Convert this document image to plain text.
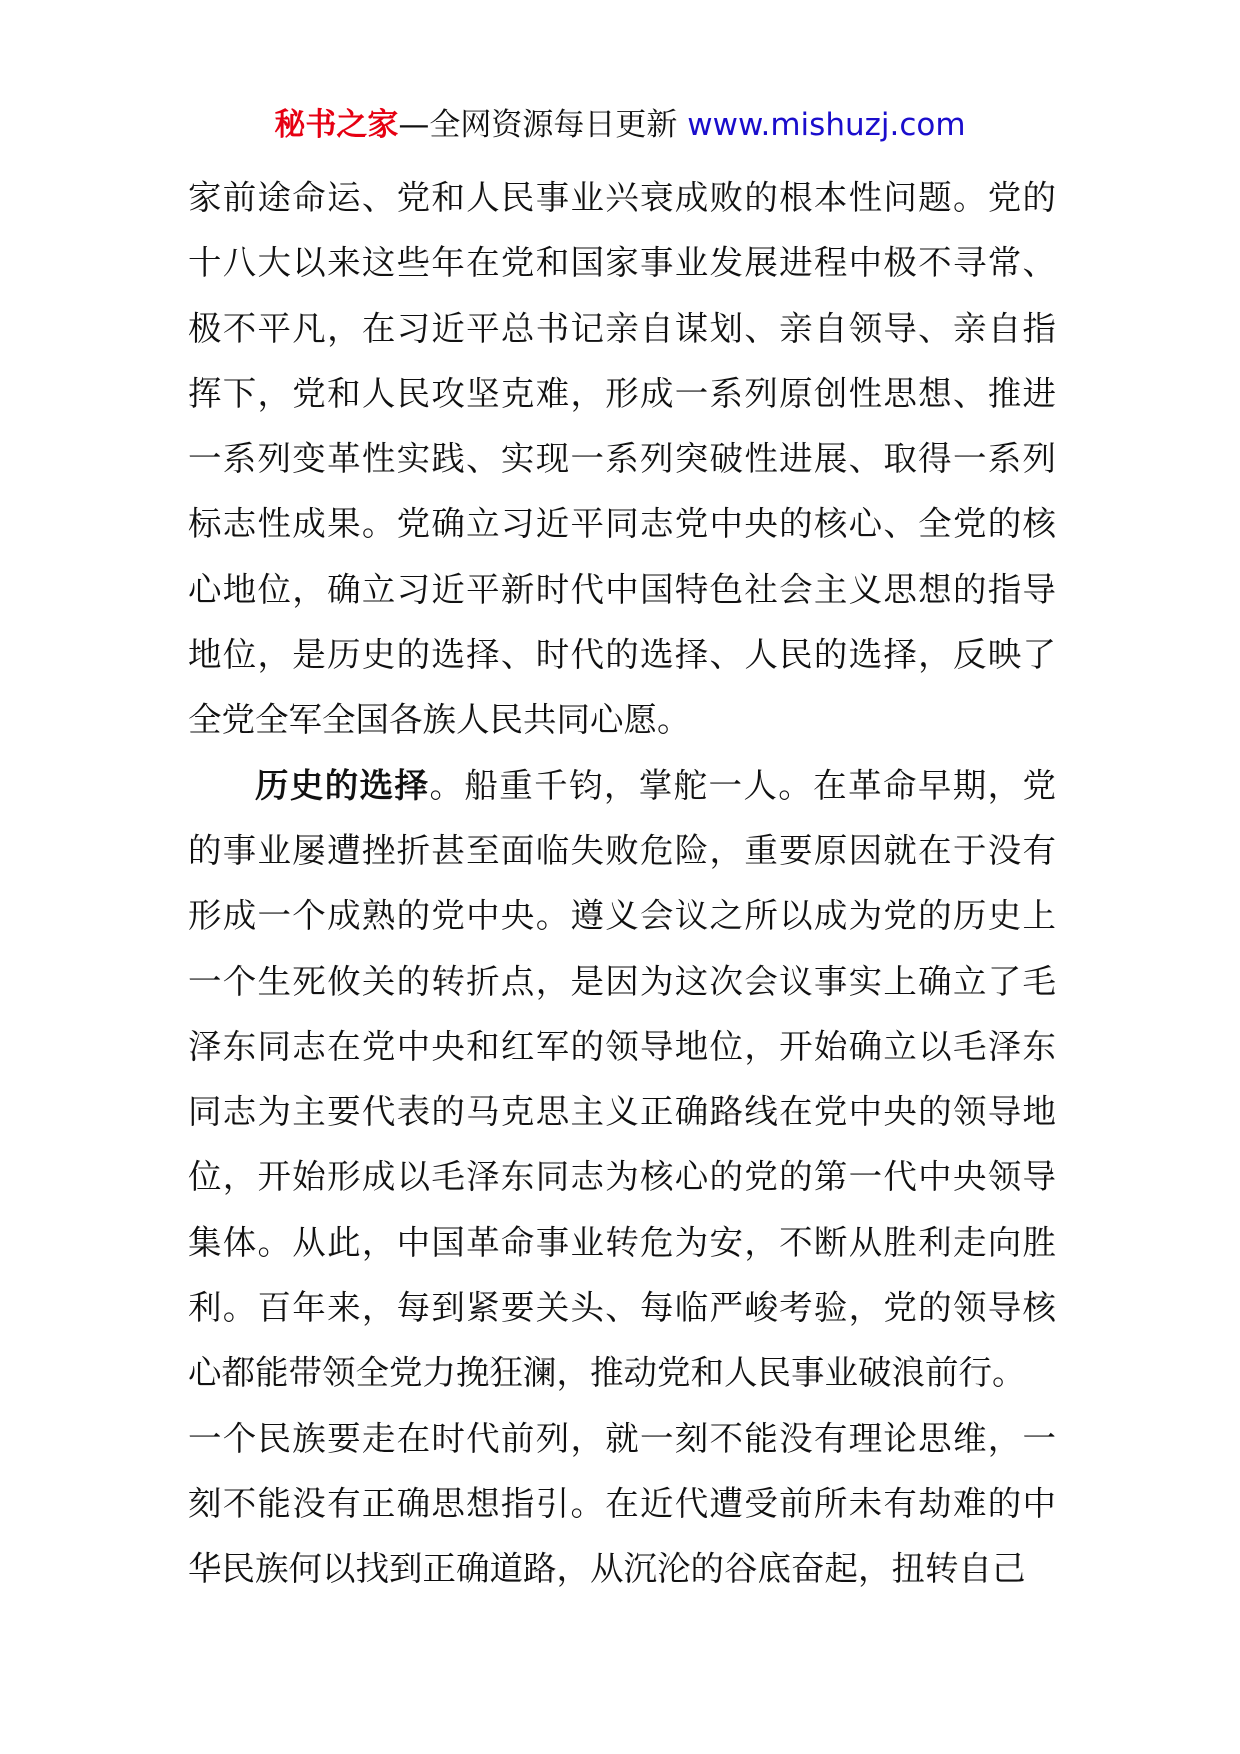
秘书之家—全网资源每日更新 www.mishuzj.com

家前途命运、党和人民事业兴衰成败的根本性问题。党的十八大以来这些年在党和国家事业发展进程中极不寻常、极不平凡，在习近平总书记亲自谋划、亲自领导、亲自指挥下，党和人民攻坚克难，形成一系列原创性思想、推进一系列变革性实践、实现一系列突破性进展、取得一系列标志性成果。党确立习近平同志党中央的核心、全党的核心地位，确立习近平新时代中国特色社会主义思想的指导地位，是历史的选择、时代的选择、人民的选择，反映了全党全军全国各族人民共同心愿。

历史的选择。船重千钧，掌舵一人。在革命早期，党的事业屡遭挫折甚至面临失败危险，重要原因就在于没有形成一个成熟的党中央。遵义会议之所以成为党的历史上一个生死攸关的转折点，是因为这次会议事实上确立了毛泽东同志在党中央和红军的领导地位，开始确立以毛泽东同志为主要代表的马克思主义正确路线在党中央的领导地位，开始形成以毛泽东同志为核心的党的第一代中央领导集体。从此，中国革命事业转危为安，不断从胜利走向胜利。百年来，每到紧要关头、每临严峻考验，党的领导核心都能带领全党力挽狂澜，推动党和人民事业破浪前行。

一个民族要走在时代前列，就一刻不能没有理论思维，一刻不能没有正确思想指引。在近代遭受前所未有劫难的中华民族何以找到正确道路，从沉沦的谷底奋起，扭转自己
